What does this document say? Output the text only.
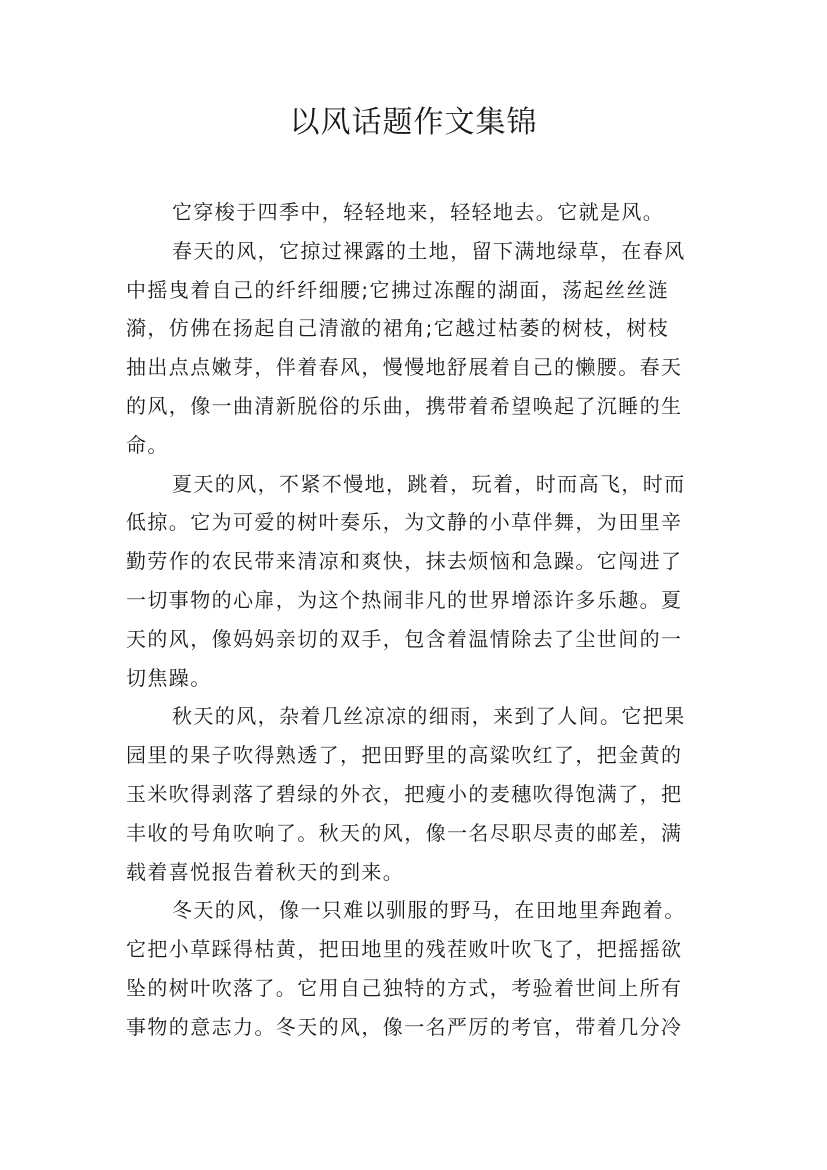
以风话题作文集锦
它穿梭于四季中，轻轻地来，轻轻地去。它就是风。
春天的风，它掠过裸露的土地，留下满地绿草，在春风
中摇曳着自己的纤纤细腰;它拂过冻醒的湖面，荡起丝丝涟
漪，仿佛在扬起自己清澈的裙角;它越过枯萎的树枝，树枝
抽出点点嫩芽，伴着春风，慢慢地舒展着自己的懒腰。春天
的风，像一曲清新脱俗的乐曲，携带着希望唤起了沉睡的生
命。
夏天的风，不紧不慢地，跳着，玩着，时而高飞，时而
低掠。它为可爱的树叶奏乐，为文静的小草伴舞，为田里辛
勤劳作的农民带来清凉和爽快，抹去烦恼和急躁。它闯进了
一切事物的心扉，为这个热闹非凡的世界增添许多乐趣。夏
天的风，像妈妈亲切的双手，包含着温情除去了尘世间的一
切焦躁。
秋天的风，杂着几丝凉凉的细雨，来到了人间。它把果
园里的果子吹得熟透了，把田野里的高粱吹红了，把金黄的
玉米吹得剥落了碧绿的外衣，把瘦小的麦穗吹得饱满了，把
丰收的号角吹响了。秋天的风，像一名尽职尽责的邮差，满
载着喜悦报告着秋天的到来。
冬天的风，像一只难以驯服的野马，在田地里奔跑着。
它把小草踩得枯黄，把田地里的残茬败叶吹飞了，把摇摇欲
坠的树叶吹落了。它用自己独特的方式，考验着世间上所有
事物的意志力。冬天的风，像一名严厉的考官，带着几分冷
